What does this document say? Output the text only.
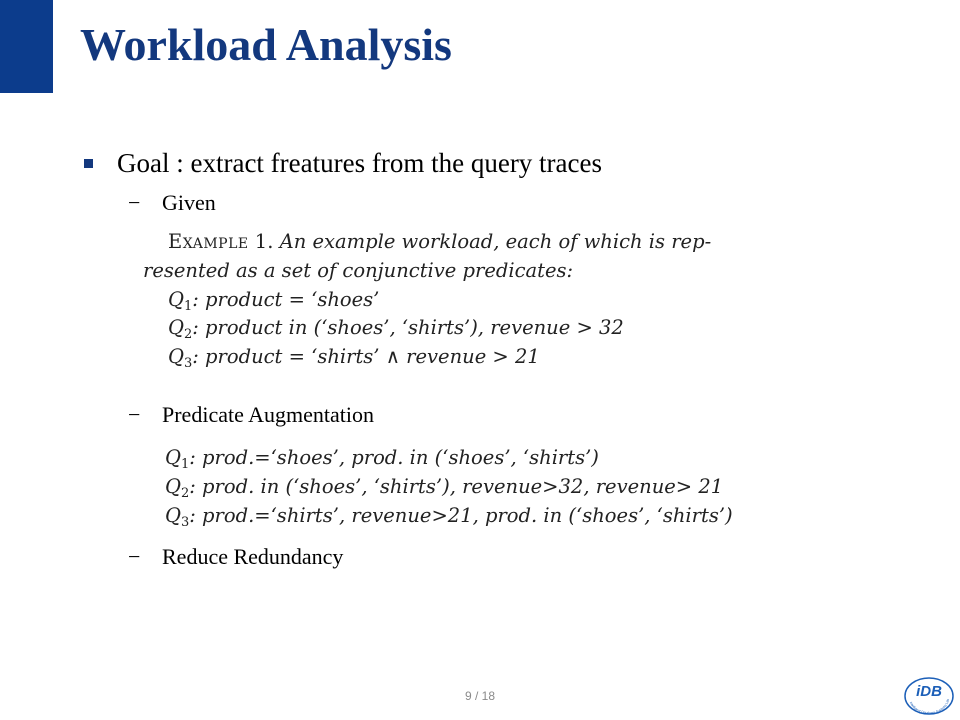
Workload Analysis
Goal : extract freatures from the query traces
− Given
Example 1. An example workload, each of which is rep-
resented as a set of conjunctive predicates:
$Q_1$: product = ‘shoes’
$Q_2$: product in (‘shoes’, ‘shirts’), revenue > 32
$Q_3$: product = ‘shirts’ ∧ revenue > 21
− Predicate Augmentation
$Q_1$: prod.=‘shoes’, prod. in (‘shoes’, ‘shirts’)
$Q_2$: prod. in (‘shoes’, ‘shirts’), revenue>32, revenue> 21
$Q_3$: prod.=‘shirts’, revenue>21, prod. in (‘shoes’, ‘shirts’)
− Reduce Redundancy
9 / 18	iDB
Intelligent Database Systems Lab
